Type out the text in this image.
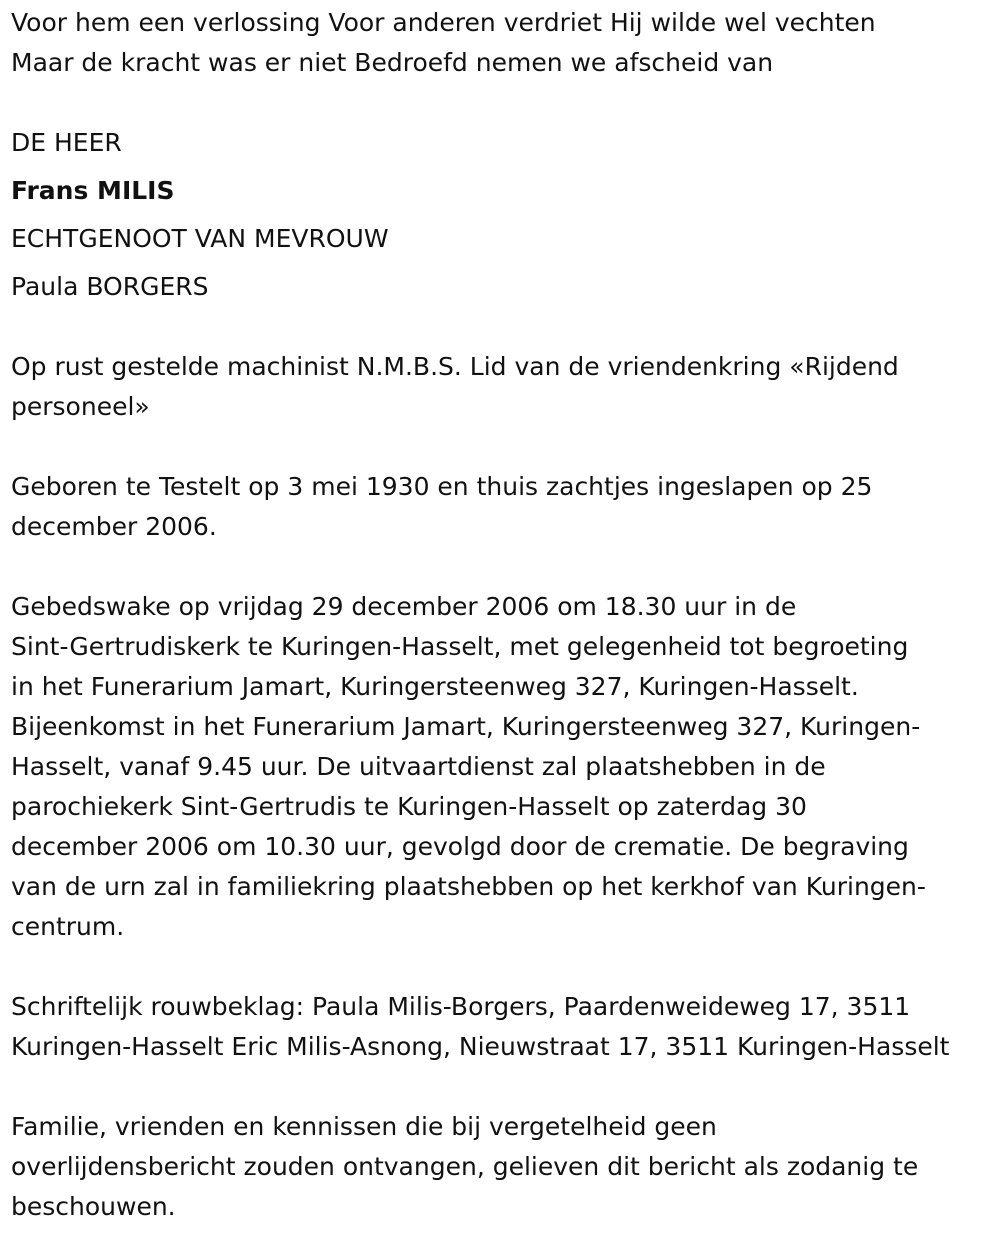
Voor hem een verlossing Voor anderen verdriet Hij wilde wel vechten

Maar de kracht was er niet Bedroefd nemen we afscheid van

DE HEER

Frans MILIS

ECHTGENOOT VAN MEVROUW

Paula BORGERS

Op rust gestelde machinist N.M.B.S. Lid van de vriendenkring «Rijdend

personeel»

Geboren te Testelt op 3 mei 1930 en thuis zachtjes ingeslapen op 25

december 2006.

Gebedswake op vrijdag 29 december 2006 om 18.30 uur in de

Sint-Gertrudiskerk te Kuringen-Hasselt, met gelegenheid tot begroeting

in het Funerarium Jamart, Kuringersteenweg 327, Kuringen-Hasselt.

Bijeenkomst in het Funerarium Jamart, Kuringersteenweg 327, Kuringen-

Hasselt, vanaf 9.45 uur. De uitvaartdienst zal plaatshebben in de

parochiekerk Sint-Gertrudis te Kuringen-Hasselt op zaterdag 30

december 2006 om 10.30 uur, gevolgd door de crematie. De begraving

van de urn zal in familiekring plaatshebben op het kerkhof van Kuringen-

centrum.

Schriftelijk rouwbeklag: Paula Milis-Borgers, Paardenweideweg 17, 3511

Kuringen-Hasselt Eric Milis-Asnong, Nieuwstraat 17, 3511 Kuringen-Hasselt

Familie, vrienden en kennissen die bij vergetelheid geen

overlijdensbericht zouden ontvangen, gelieven dit bericht als zodanig te

beschouwen.
